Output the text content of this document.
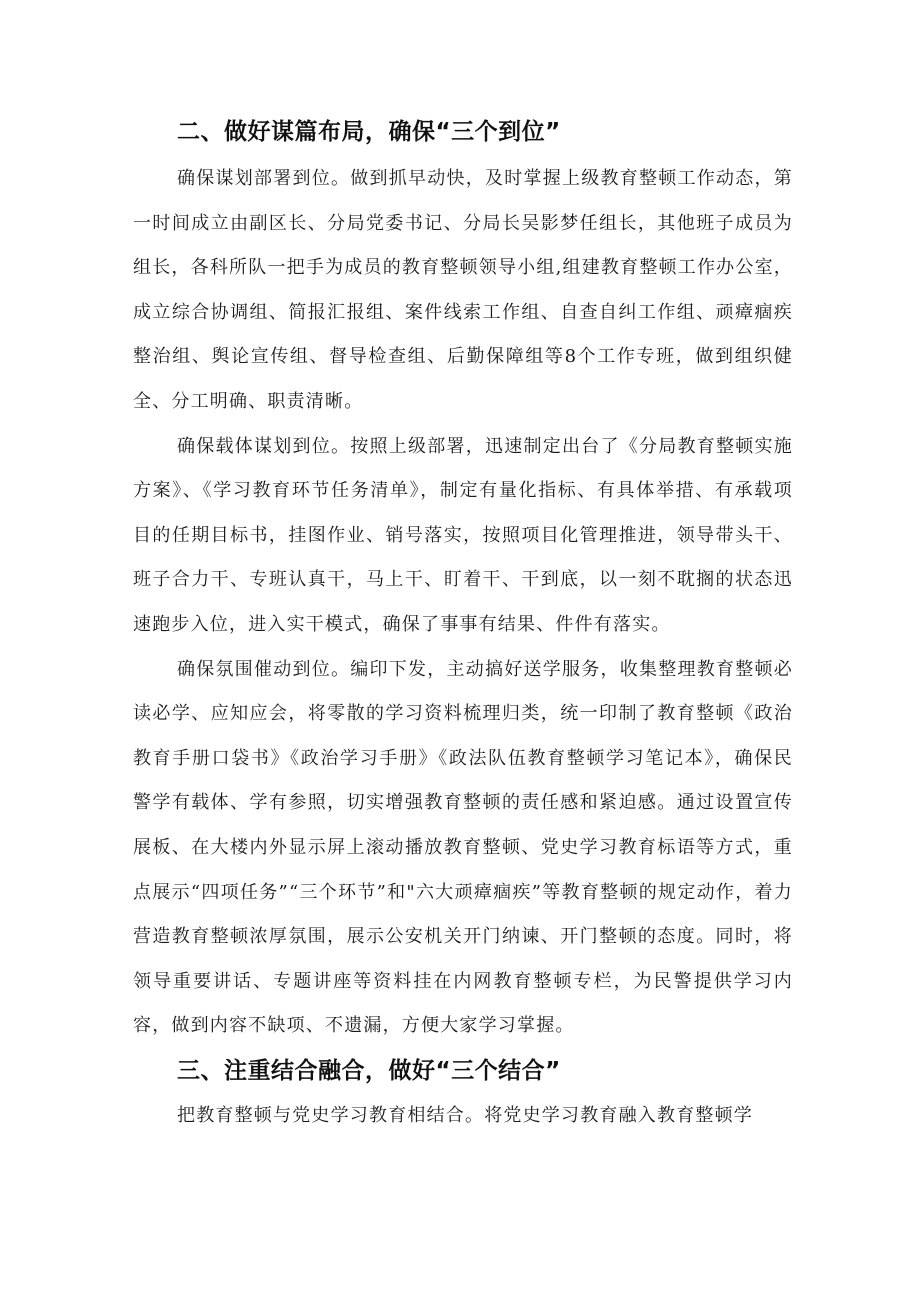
二、做好谋篇布局，确保“三个到位”

确保谋划部署到位。做到抓早动快，及时掌握上级教育整顿工作动态，第一时间成立由副区长、分局党委书记、分局长吴影梦任组长，其他班子成员为组长，各科所队一把手为成员的教育整顿领导小组,组建教育整顿工作办公室，成立综合协调组、简报汇报组、案件线索工作组、自查自纠工作组、顽瘴痼疾整治组、舆论宣传组、督导检查组、后勤保障组等8个工作专班，做到组织健全、分工明确、职责清晰。

确保载体谋划到位。按照上级部署，迅速制定出台了《分局教育整顿实施方案》、《学习教育环节任务清单》，制定有量化指标、有具体举措、有承载项目的任期目标书，挂图作业、销号落实，按照项目化管理推进，领导带头干、班子合力干、专班认真干，马上干、盯着干、干到底，以一刻不耽搁的状态迅速跑步入位，进入实干模式，确保了事事有结果、件件有落实。

确保氛围催动到位。编印下发，主动搞好送学服务，收集整理教育整顿必读必学、应知应会，将零散的学习资料梳理归类，统一印制了教育整顿《政治教育手册口袋书》《政治学习手册》《政法队伍教育整顿学习笔记本》，确保民警学有载体、学有参照，切实增强教育整顿的责任感和紧迫感。通过设置宣传展板、在大楼内外显示屏上滚动播放教育整顿、党史学习教育标语等方式，重点展示“四项任务”“三个环节”和"六大顽瘴痼疾”等教育整顿的规定动作，着力营造教育整顿浓厚氛围，展示公安机关开门纳谏、开门整顿的态度。同时，将领导重要讲话、专题讲座等资料挂在内网教育整顿专栏，为民警提供学习内容，做到内容不缺项、不遗漏，方便大家学习掌握。

三、注重结合融合，做好“三个结合”

把教育整顿与党史学习教育相结合。将党史学习教育融入教育整顿学
